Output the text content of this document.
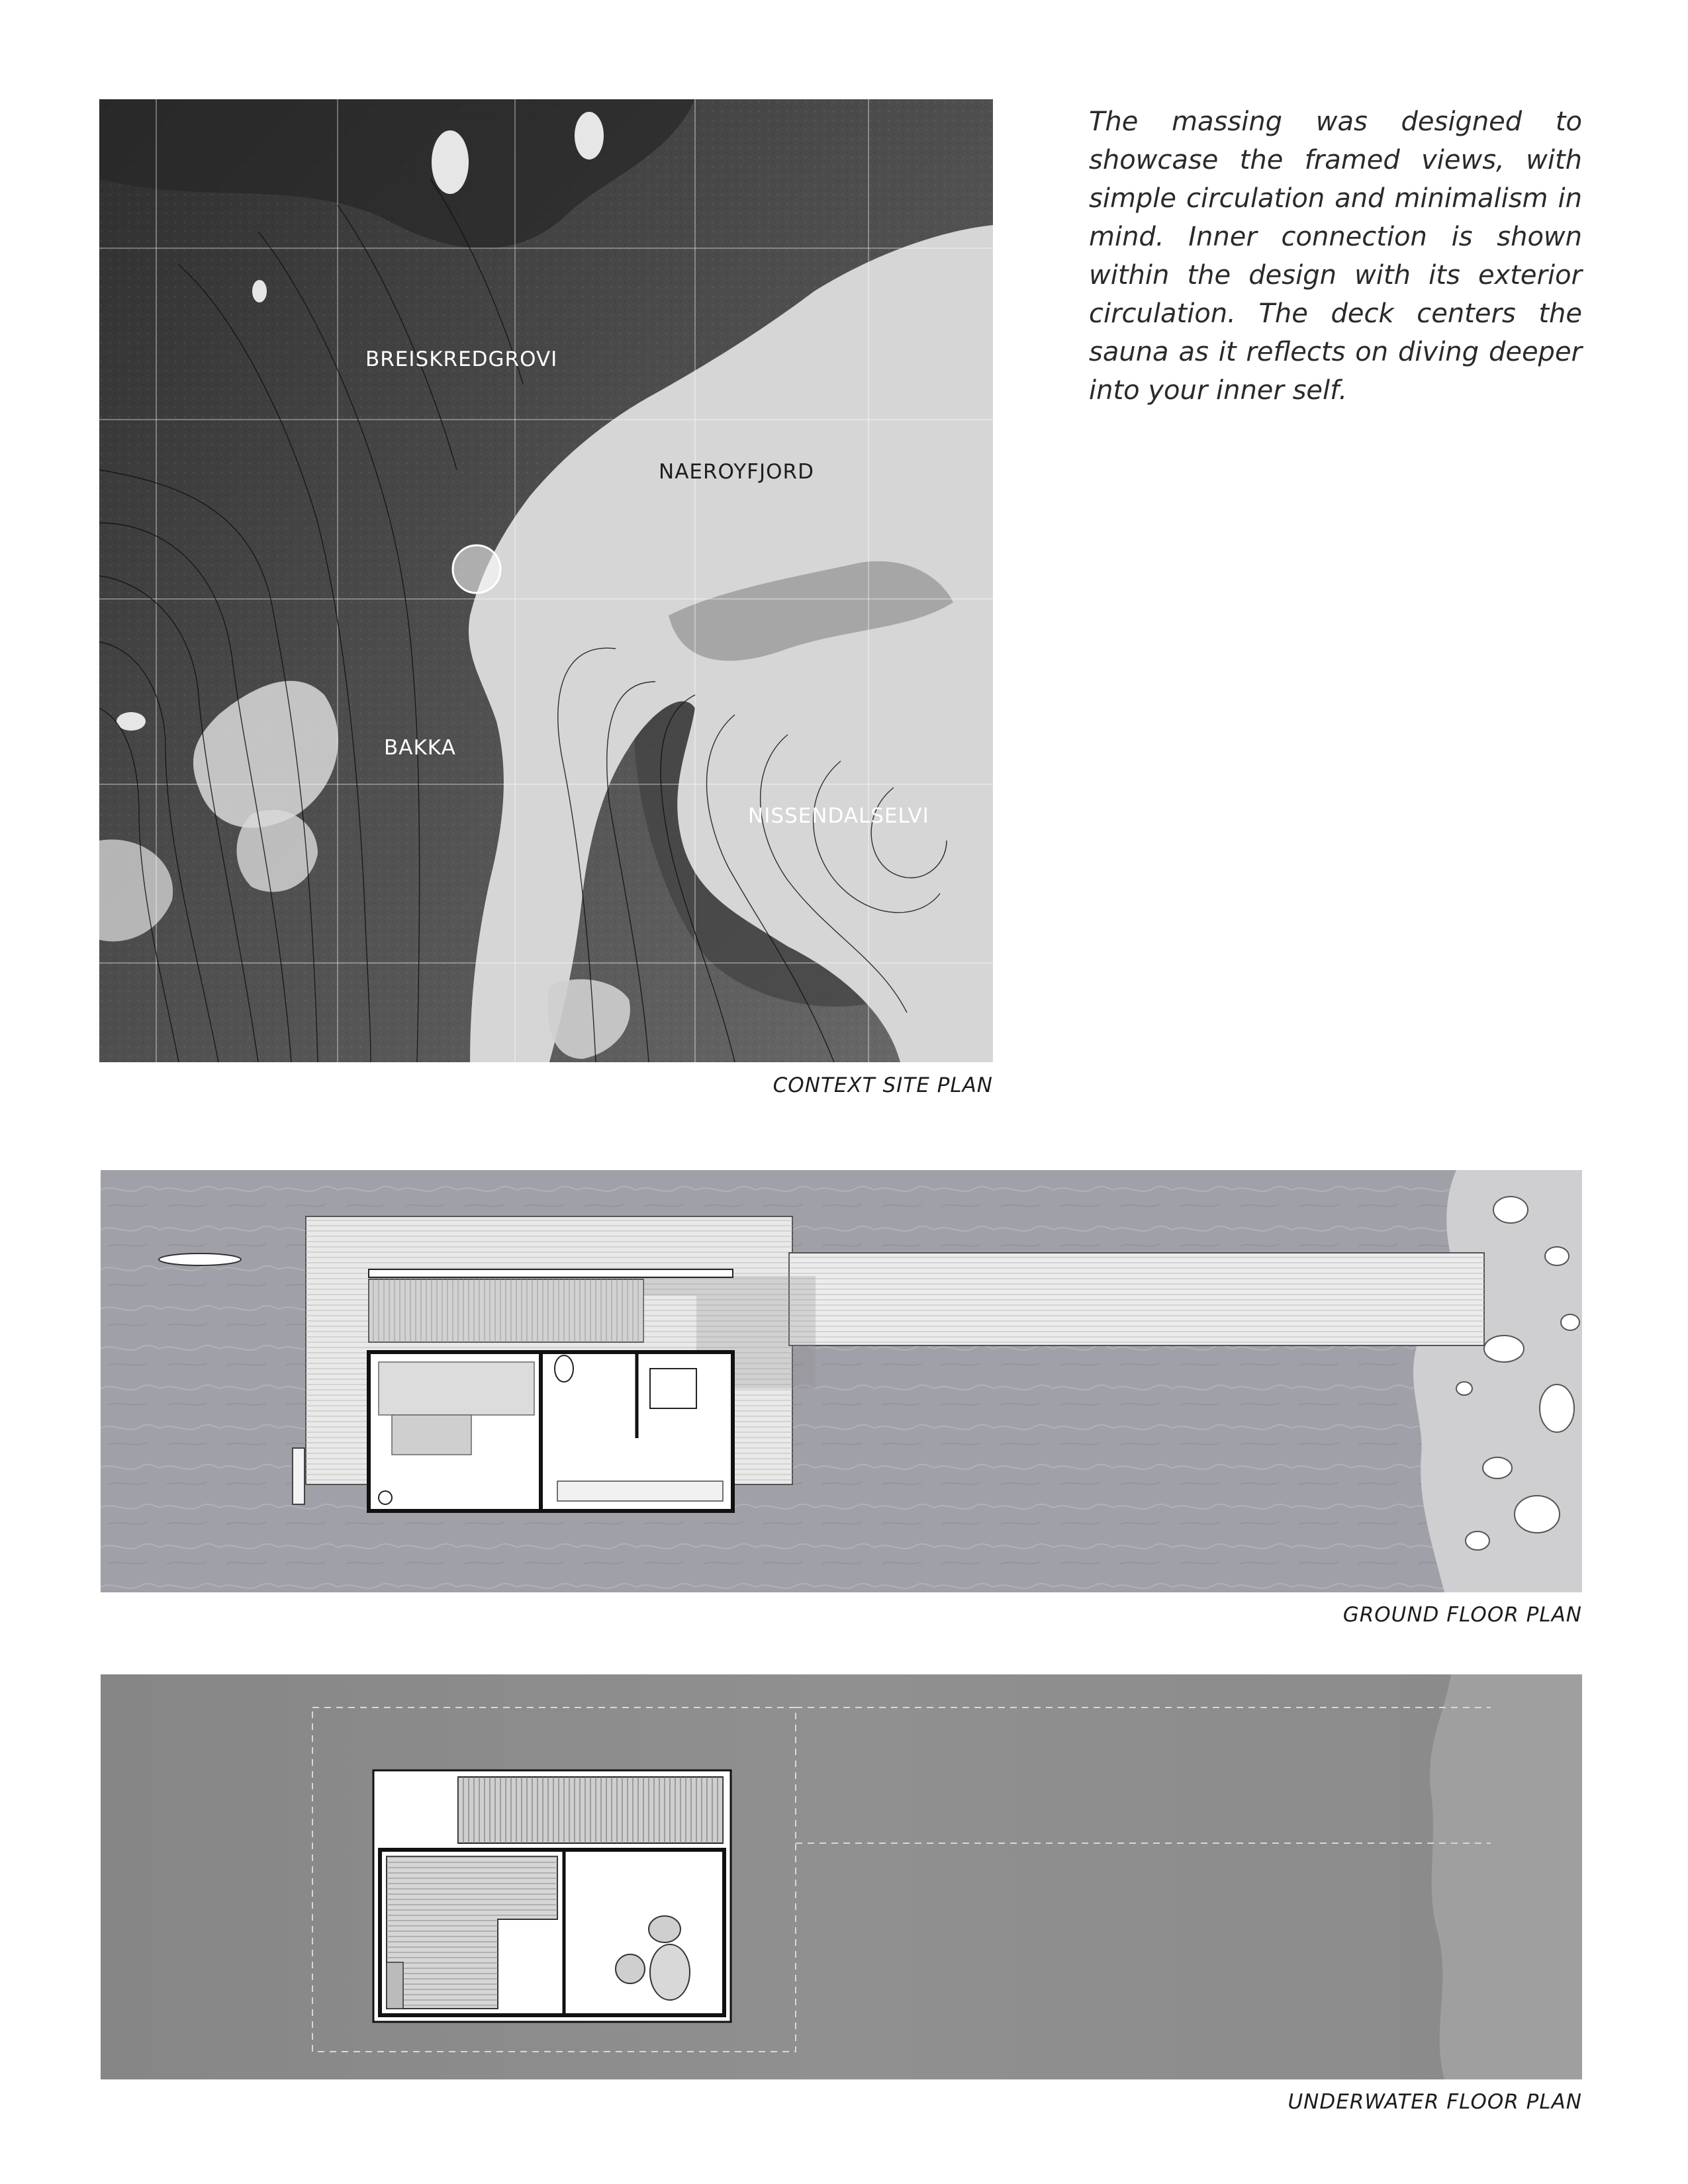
BREISKREDGROVI
NAEROYFJORD
BAKKA
NISSENDALSELVI
CONTEXT SITE PLAN

The massing was designed to showcase the framed views, with simple circulation and minimalism in mind. Inner connection is shown within the design with its exterior circulation. The deck centers the sauna as it reflects on diving deeper into your inner self.

GROUND FLOOR PLAN
UNDERWATER FLOOR PLAN
